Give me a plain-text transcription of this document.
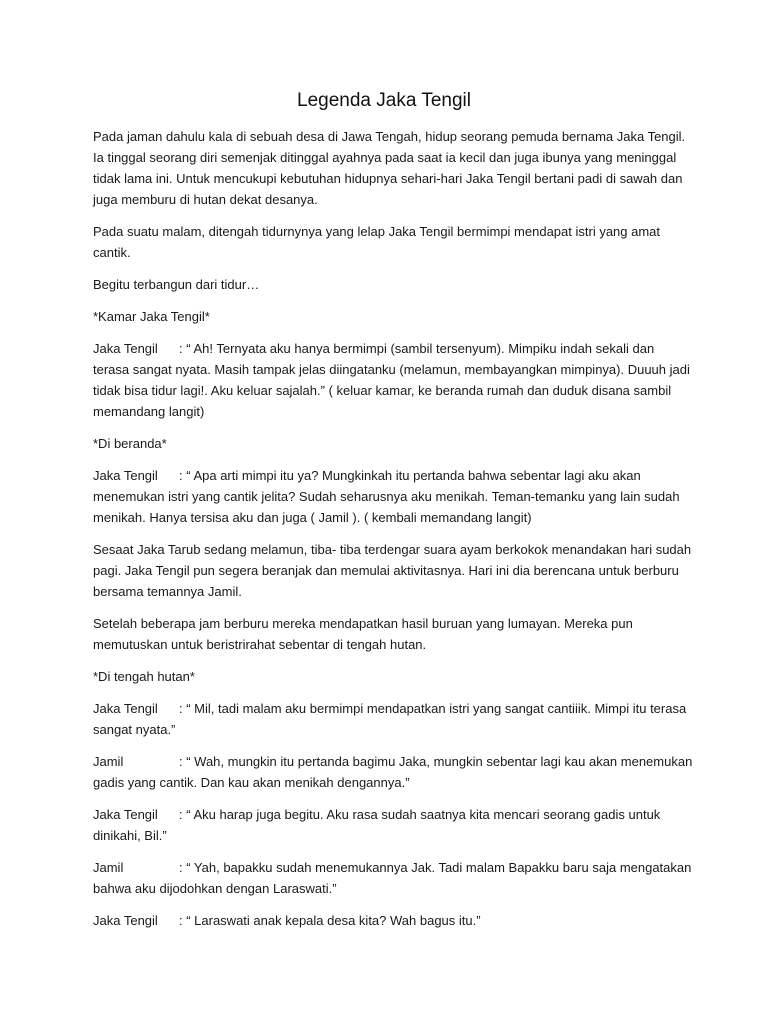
Legenda Jaka Tengil

Pada jaman dahulu kala di sebuah desa di Jawa Tengah, hidup seorang pemuda bernama Jaka Tengil. Ia tinggal seorang diri semenjak ditinggal ayahnya pada saat ia kecil dan juga ibunya yang meninggal tidak lama ini. Untuk mencukupi kebutuhan hidupnya sehari-hari Jaka Tengil bertani padi di sawah dan juga memburu di hutan dekat desanya.

Pada suatu malam, ditengah tidurnynya yang lelap Jaka Tengil bermimpi mendapat istri yang amat cantik.

Begitu terbangun dari tidur…

*Kamar Jaka Tengil*

Jaka Tengil : “ Ah! Ternyata aku hanya bermimpi (sambil tersenyum). Mimpiku indah sekali dan terasa sangat nyata. Masih tampak jelas diingatanku (melamun, membayangkan mimpinya). Duuuh jadi tidak bisa tidur lagi!. Aku keluar sajalah.” ( keluar kamar, ke beranda rumah dan duduk disana sambil memandang langit)

*Di beranda*

Jaka Tengil : “ Apa arti mimpi itu ya? Mungkinkah itu pertanda bahwa sebentar lagi aku akan menemukan istri yang cantik jelita? Sudah seharusnya aku menikah. Teman-temanku yang lain sudah menikah. Hanya tersisa aku dan juga ( Jamil ). ( kembali memandang langit)

Sesaat Jaka Tarub sedang melamun, tiba- tiba terdengar suara ayam berkokok menandakan hari sudah pagi. Jaka Tengil pun segera beranjak dan memulai aktivitasnya. Hari ini dia berencana untuk berburu bersama temannya Jamil.

Setelah beberapa jam berburu mereka mendapatkan hasil buruan yang lumayan. Mereka pun memutuskan untuk beristrirahat sebentar di tengah hutan.

*Di tengah hutan*

Jaka Tengil : “ Mil, tadi malam aku bermimpi mendapatkan istri yang sangat cantiiik. Mimpi itu terasa sangat nyata.”

Jamil	: “ Wah, mungkin itu pertanda bagimu Jaka, mungkin sebentar lagi kau akan menemukan gadis yang cantik. Dan kau akan menikah dengannya.”

Jaka Tengil : “ Aku harap juga begitu. Aku rasa sudah saatnya kita mencari seorang gadis untuk dinikahi, Bil.”

Jamil	: “ Yah, bapakku sudah menemukannya Jak. Tadi malam Bapakku baru saja mengatakan bahwa aku dijodohkan dengan Laraswati.”

Jaka Tengil : “ Laraswati anak kepala desa kita? Wah bagus itu.”
